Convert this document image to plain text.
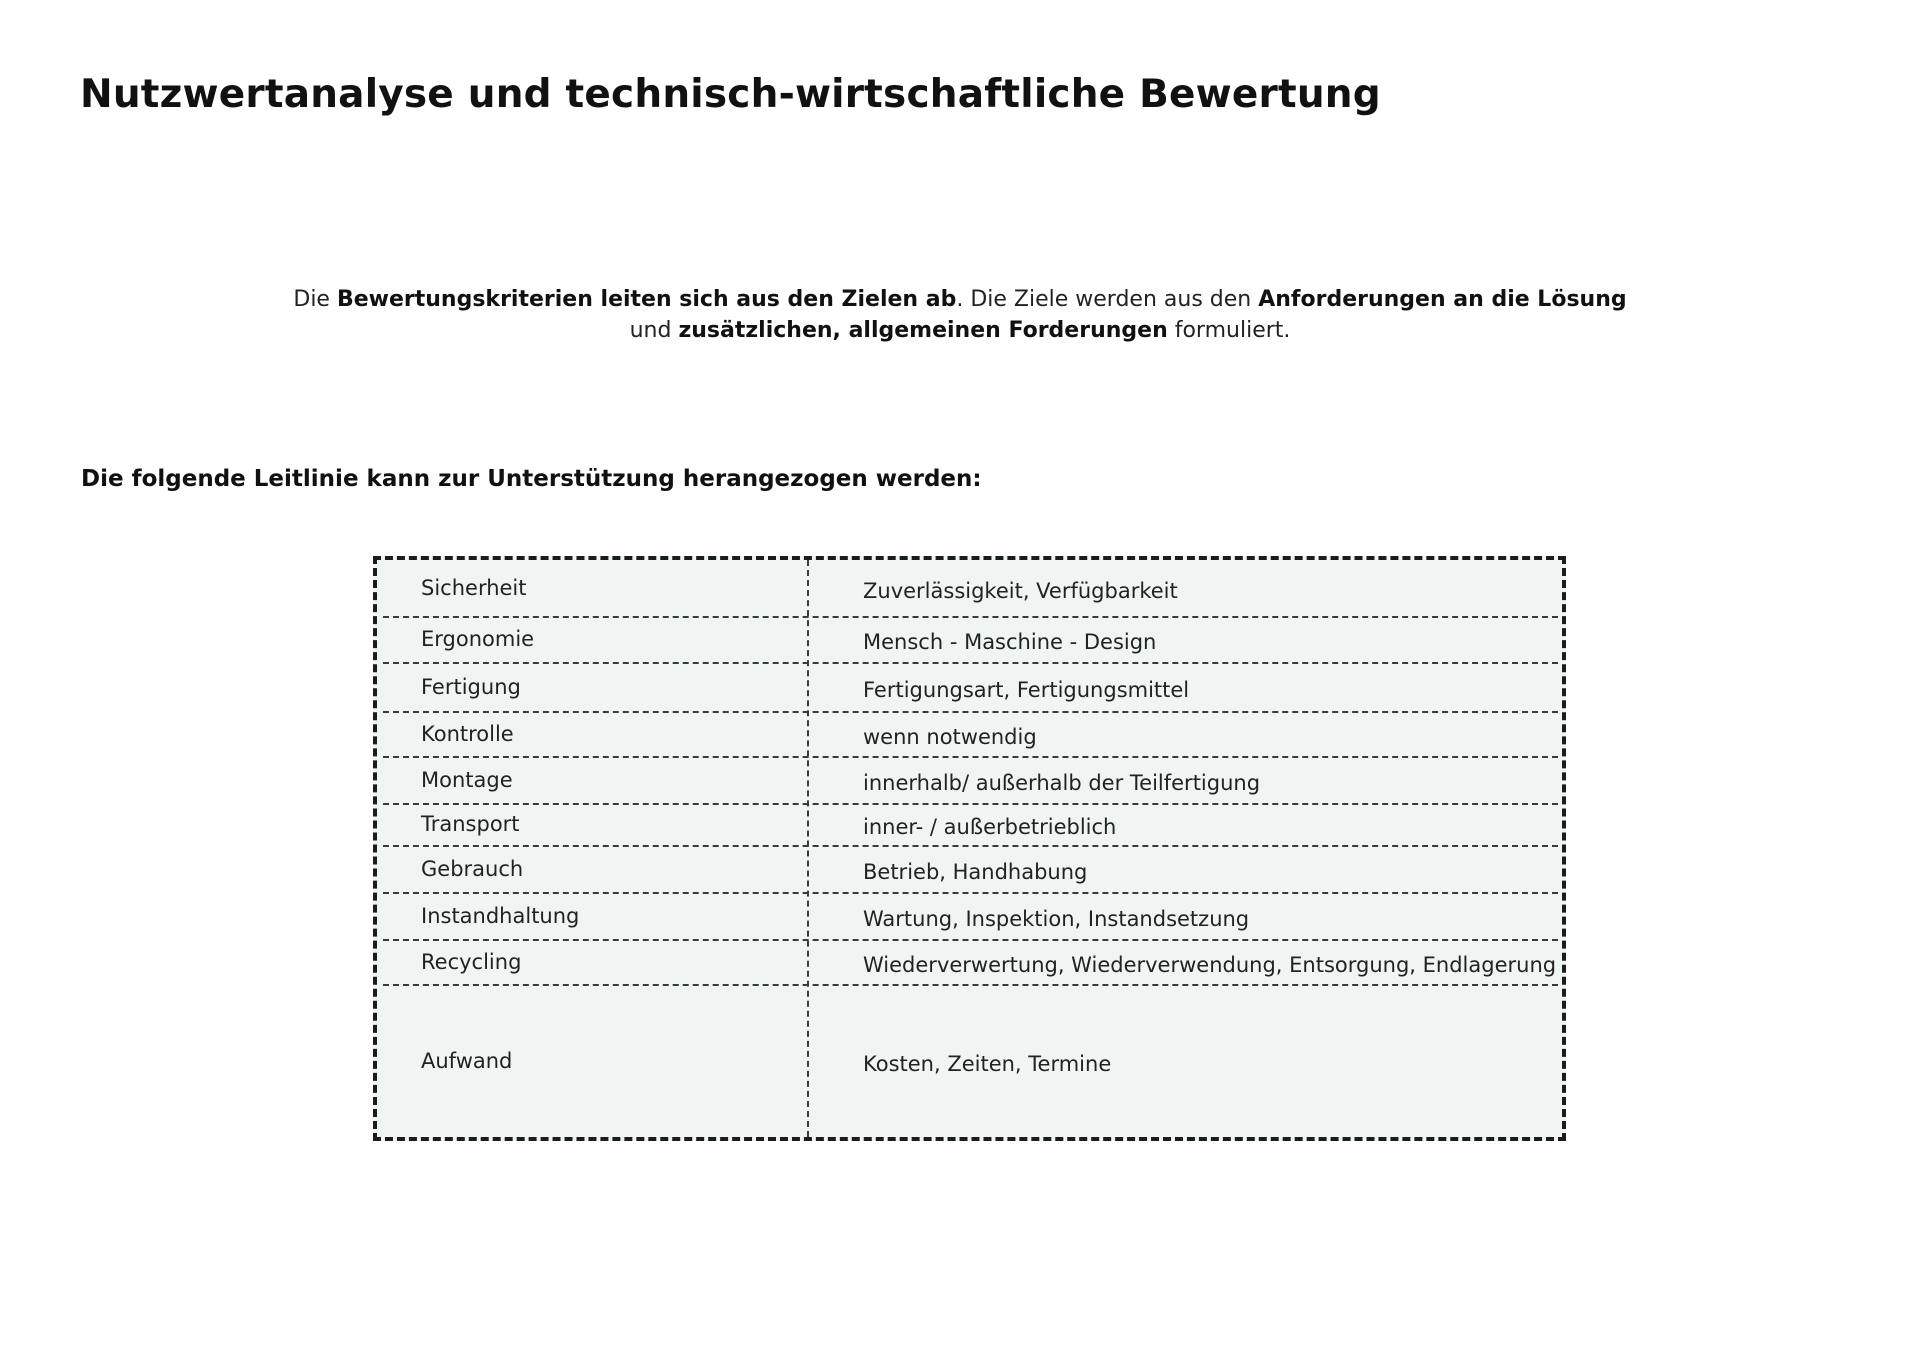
Nutzwertanalyse und technisch-wirtschaftliche Bewertung
Die Bewertungskriterien leiten sich aus den Zielen ab. Die Ziele werden aus den Anforderungen an die Lösung
und zusätzlichen, allgemeinen Forderungen formuliert.
Die folgende Leitlinie kann zur Unterstützung herangezogen werden:
Sicherheit	Zuverlässigkeit, Verfügbarkeit
Ergonomie	Mensch - Maschine - Design
Fertigung	Fertigungsart, Fertigungsmittel
Kontrolle	wenn notwendig
Montage	innerhalb/ außerhalb der Teilfertigung
Transport	inner- / außerbetrieblich
Gebrauch	Betrieb, Handhabung
Instandhaltung	Wartung, Inspektion, Instandsetzung
Recycling	Wiederverwertung, Wiederverwendung, Entsorgung, Endlagerung
Aufwand	Kosten, Zeiten, Termine
